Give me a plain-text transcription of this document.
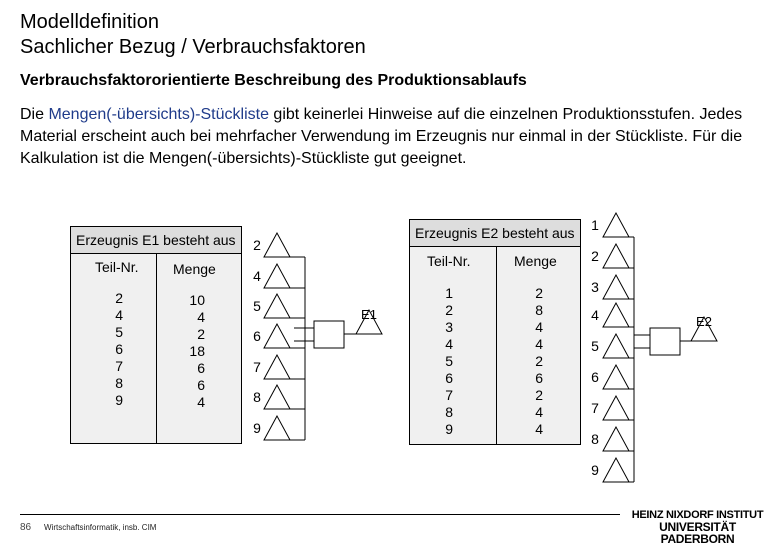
Modelldefinition
Sachlicher Bezug / Verbrauchsfaktoren
Verbrauchsfaktororientierte Beschreibung des Produktionsablaufs
Die Mengen(-übersichts)-Stückliste gibt keinerlei Hinweise auf die einzelnen Produktionsstufen. Jedes Material erscheint auch bei mehrfacher Verwendung im Erzeugnis nur einmal in der Stückliste. Für die Kalkulation ist die Mengen(-übersichts)-Stückliste gut geeignet.
Erzeugnis E1 besteht aus
Teil-Nr. Menge
2
4
5
6
7
8
9
10
4
2
18
6
6
4
Erzeugnis E2 besteht aus
Teil-Nr.	Menge
1
2
3
4
5
6
7
8
9
2
8
4
4
2
6
2
4
4
2
4
5
6
7
8
9
E1
1
2
3
4
5
6
7
8
9
E2
86 Wirtschaftsinformatik, insb. CIM
HEINZ NIXDORF INSTITUT
UNIVERSITÄT PADERBORN
